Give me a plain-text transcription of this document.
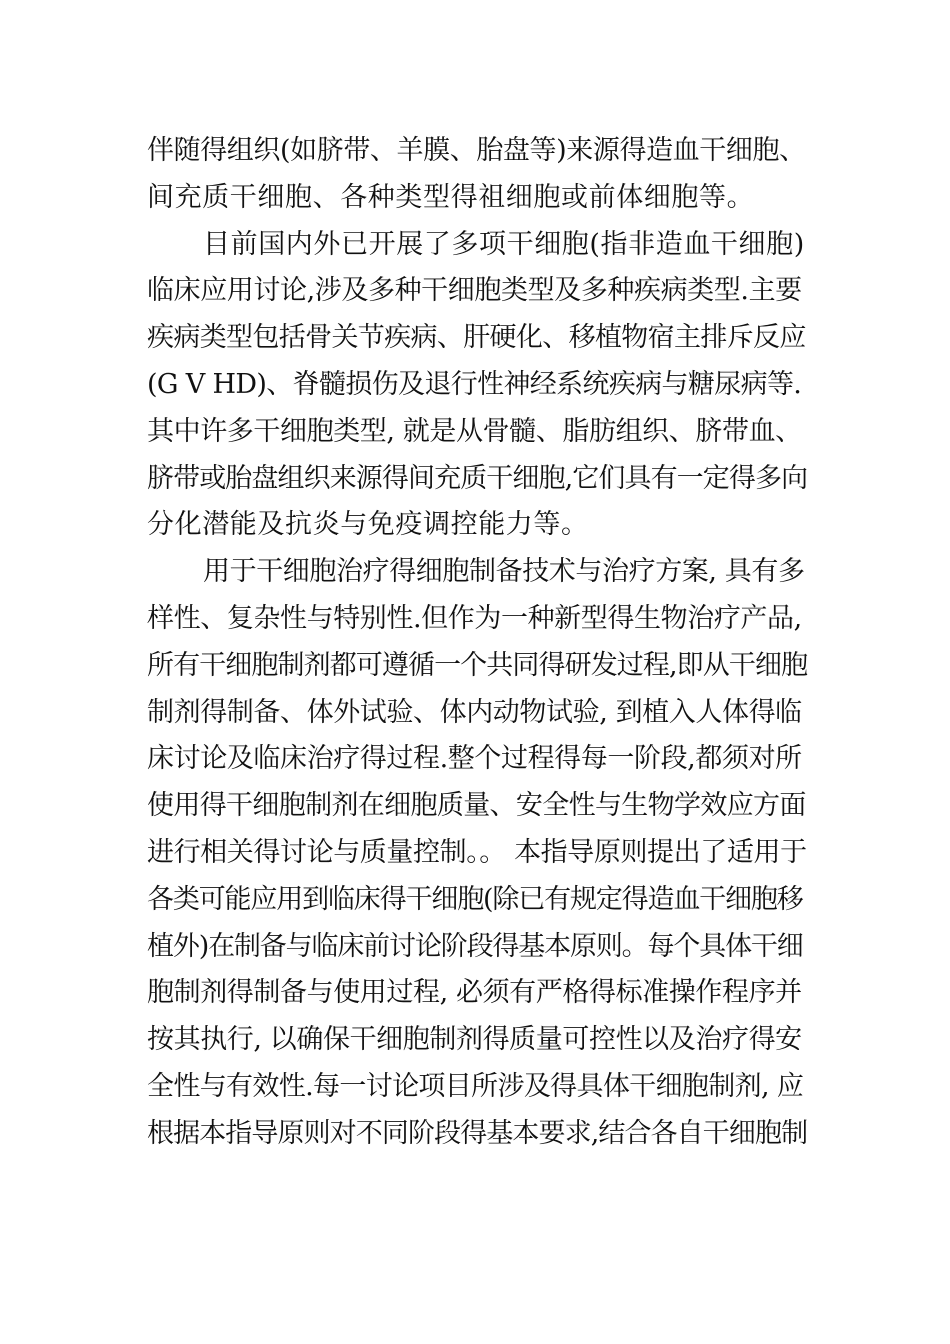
伴随得组织(如脐带、羊膜、胎盘等)来源得造血干细胞、
间充质干细胞、各种类型得祖细胞或前体细胞等。
目前国内外已开展了多项干细胞(指非造血干细胞)
临床应用讨论,涉及多种干细胞类型及多种疾病类型.主要
疾病类型包括骨关节疾病、肝硬化、移植物宿主排斥反应
(G V HD)、脊髓损伤及退行性神经系统疾病与糖尿病等.
其中许多干细胞类型, 就是从骨髓、脂肪组织、脐带血、
脐带或胎盘组织来源得间充质干细胞,它们具有一定得多向
分化潜能及抗炎与免疫调控能力等。
用于干细胞治疗得细胞制备技术与治疗方案, 具有多
样性、复杂性与特别性.但作为一种新型得生物治疗产品,
所有干细胞制剂都可遵循一个共同得研发过程,即从干细胞
制剂得制备、体外试验、体内动物试验, 到植入人体得临
床讨论及临床治疗得过程.整个过程得每一阶段,都须对所
使用得干细胞制剂在细胞质量、安全性与生物学效应方面
进行相关得讨论与质量控制。。 本指导原则提出了适用于
各类可能应用到临床得干细胞(除已有规定得造血干细胞移
植外)在制备与临床前讨论阶段得基本原则。每个具体干细
胞制剂得制备与使用过程, 必须有严格得标准操作程序并
按其执行, 以确保干细胞制剂得质量可控性以及治疗得安
全性与有效性.每一讨论项目所涉及得具体干细胞制剂, 应
根据本指导原则对不同阶段得基本要求,结合各自干细胞制
